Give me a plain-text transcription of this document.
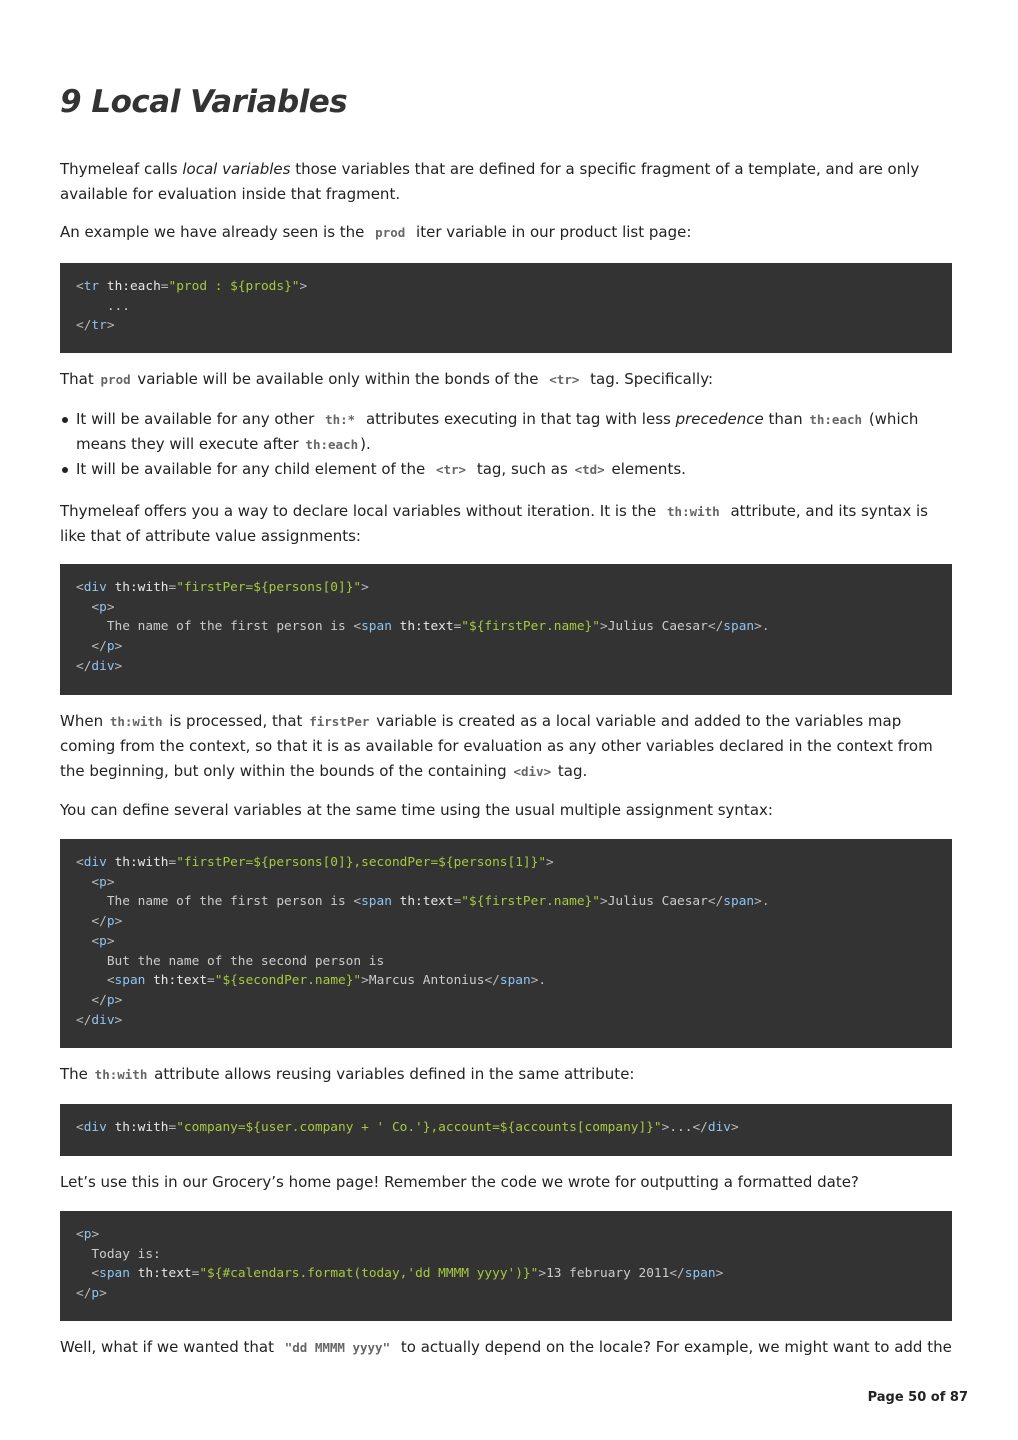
9 Local Variables

Thymeleaf calls local variables those variables that are defined for a specific fragment of a template, and are only available for evaluation inside that fragment.

An example we have already seen is the prod iter variable in our product list page:

<tr th:each="prod : ${prods}">
...
</tr>

That prod variable will be available only within the bonds of the <tr> tag. Specifically:

It will be available for any other th:* attributes executing in that tag with less precedence than th:each (which means they will execute after th:each ).
It will be available for any child element of the <tr> tag, such as <td> elements.

Thymeleaf offers you a way to declare local variables without iteration. It is the th:with attribute, and its syntax is like that of attribute value assignments:

<div th:with="firstPer=${persons[0]}">
<p>
The name of the first person is <span th:text="${firstPer.name}">Julius Caesar</span>.
</p>
</div>

When th:with is processed, that firstPer variable is created as a local variable and added to the variables map coming from the context, so that it is as available for evaluation as any other variables declared in the context from the beginning, but only within the bounds of the containing <div> tag.

You can define several variables at the same time using the usual multiple assignment syntax:

<div th:with="firstPer=${persons[0]},secondPer=${persons[1]}">
<p>
The name of the first person is <span th:text="${firstPer.name}">Julius Caesar</span>.
</p>
<p>
But the name of the second person is
<span th:text="${secondPer.name}">Marcus Antonius</span>.
</p>
</div>

The th:with attribute allows reusing variables defined in the same attribute:

<div th:with="company=${user.company + ' Co.'},account=${accounts[company]}">...</div>

Let’s use this in our Grocery’s home page! Remember the code we wrote for outputting a formatted date?

<p>
Today is:
<span th:text="${#calendars.format(today,'dd MMMM yyyy')}">13 february 2011</span>
</p>

Well, what if we wanted that "dd MMMM yyyy" to actually depend on the locale? For example, we might want to add the

Page 50 of 87
